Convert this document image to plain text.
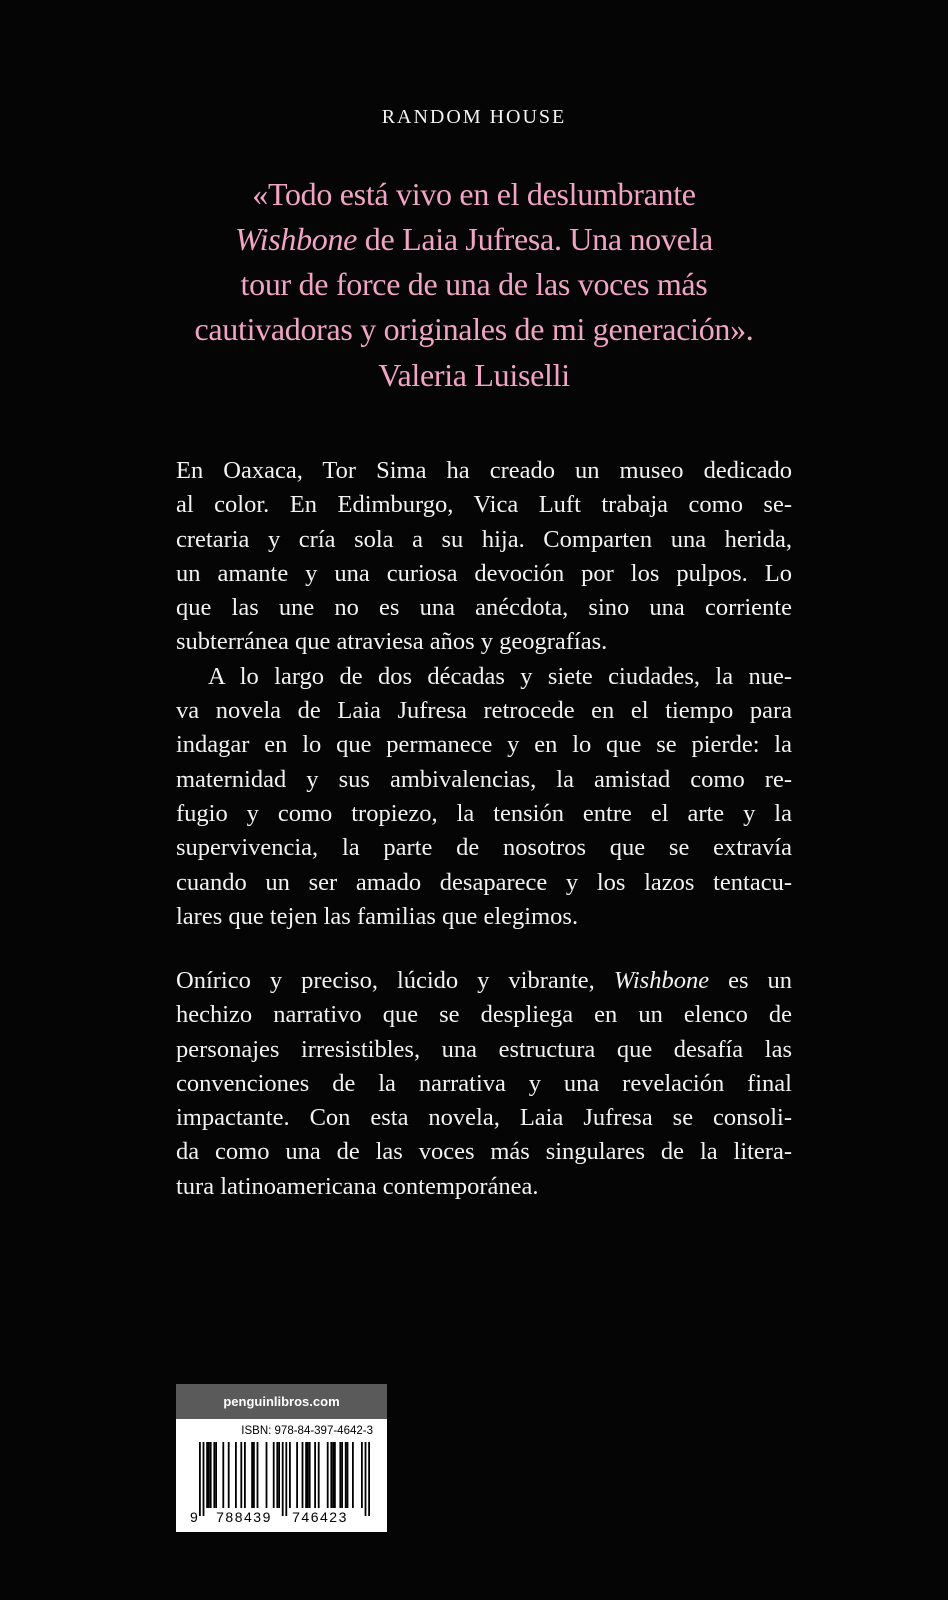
RANDOM HOUSE
«Todo está vivo en el deslumbrante
Wishbone de Laia Jufresa. Una novela
tour de force de una de las voces más
cautivadoras y originales de mi generación».
Valeria Luiselli
En Oaxaca, Tor Sima ha creado un museo dedicado
al color. En Edimburgo, Vica Luft trabaja como se-
cretaria y cría sola a su hija. Comparten una herida,
un amante y una curiosa devoción por los pulpos. Lo
que las une no es una anécdota, sino una corriente
subterránea que atraviesa años y geografías.
A lo largo de dos décadas y siete ciudades, la nue-
va novela de Laia Jufresa retrocede en el tiempo para
indagar en lo que permanece y en lo que se pierde: la
maternidad y sus ambivalencias, la amistad como re-
fugio y como tropiezo, la tensión entre el arte y la
supervivencia, la parte de nosotros que se extravía
cuando un ser amado desaparece y los lazos tentacu-
lares que tejen las familias que elegimos.
Onírico y preciso, lúcido y vibrante, Wishbone es un
hechizo narrativo que se despliega en un elenco de
personajes irresistibles, una estructura que desafía las
convenciones de la narrativa y una revelación final
impactante. Con esta novela, Laia Jufresa se consoli-
da como una de las voces más singulares de la litera-
tura latinoamericana contemporánea.
penguinlibros.com
ISBN: 978-84-397-4642-3
9 788439 746423
